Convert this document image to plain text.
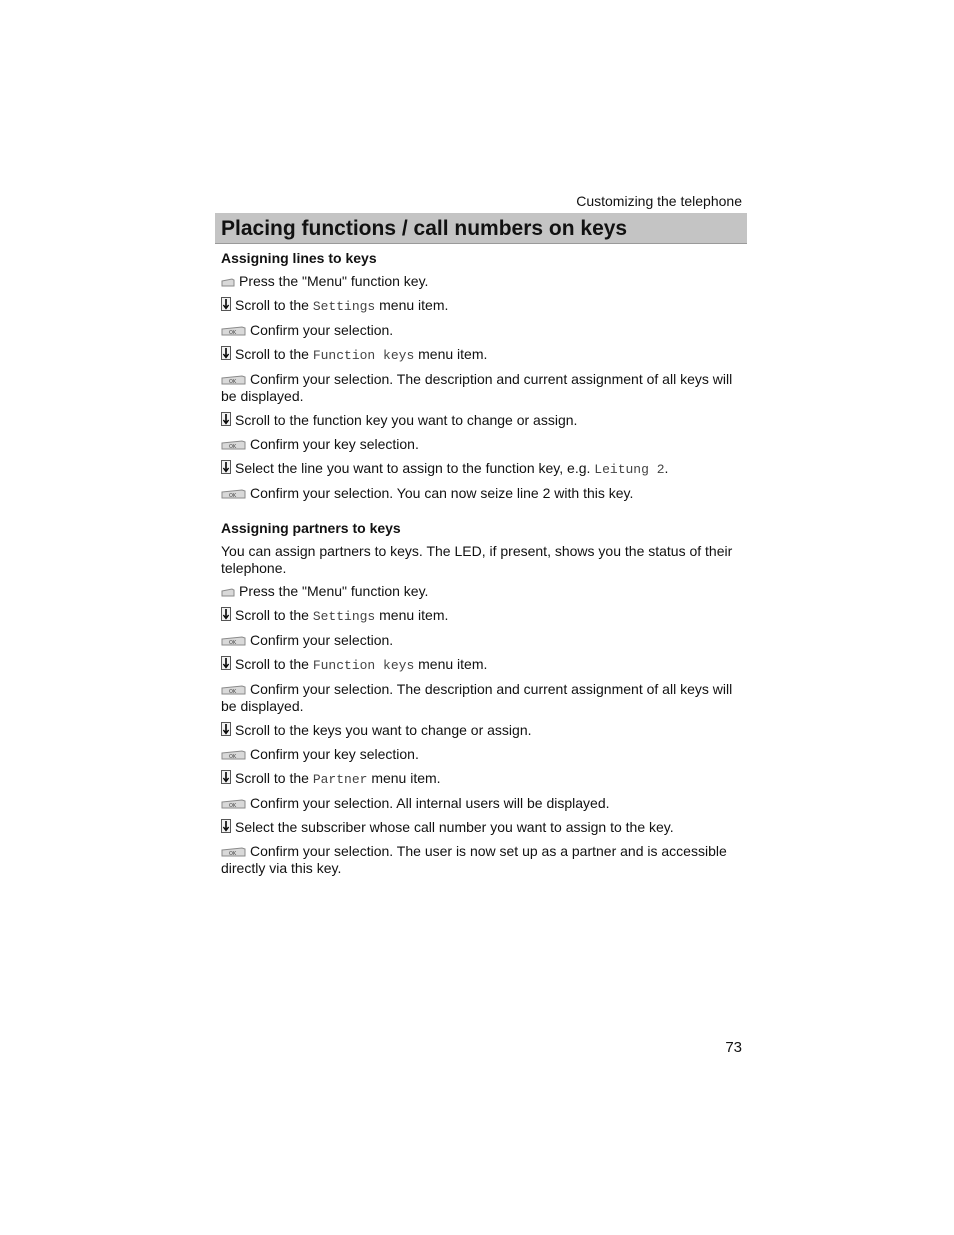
Customizing the telephone
Placing functions / call numbers on keys
Assigning lines to keys
Press the "Menu" function key.
Scroll to the Settings menu item.
OK Confirm your selection.
Scroll to the Function keys menu item.
OK Confirm your selection. The description and current assignment of all keys will be displayed.
Scroll to the function key you want to change or assign.
OK Confirm your key selection.
Select the line you want to assign to the function key, e.g. Leitung 2.
OK Confirm your selection. You can now seize line 2 with this key.
Assigning partners to keys
You can assign partners to keys. The LED, if present, shows you the status of their telephone.
Press the "Menu" function key.
Scroll to the Settings menu item.
OK Confirm your selection.
Scroll to the Function keys menu item.
OK Confirm your selection. The description and current assignment of all keys will be displayed.
Scroll to the keys you want to change or assign.
OK Confirm your key selection.
Scroll to the Partner menu item.
OK Confirm your selection. All internal users will be displayed.
Select the subscriber whose call number you want to assign to the key.
OK Confirm your selection. The user is now set up as a partner and is accessible directly via this key.
73
